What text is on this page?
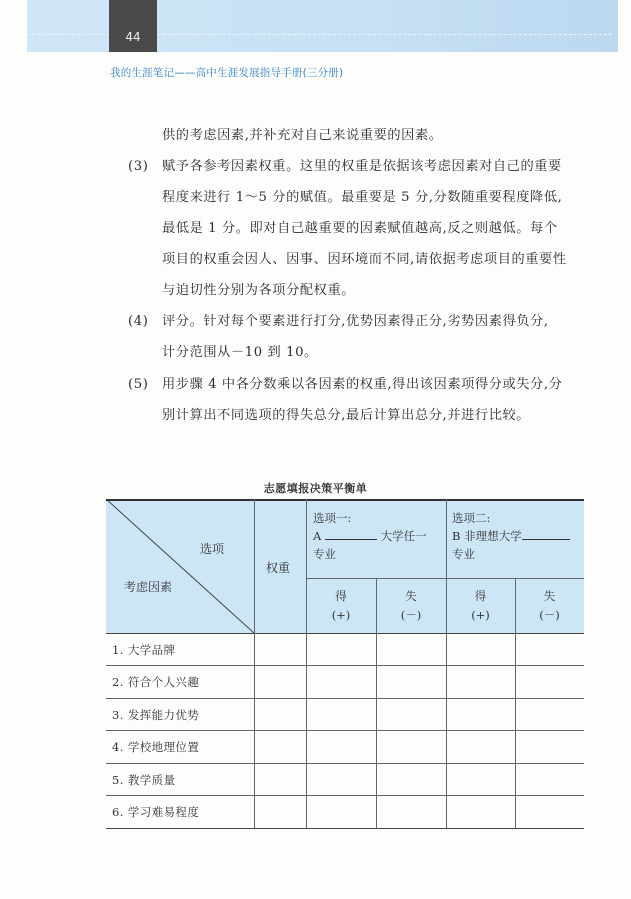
44
我的生涯笔记——高中生涯发展指导手册(三分册)
供的考虑因素,并补充对自己来说重要的因素。
(3) 赋予各参考因素权重。这里的权重是依据该考虑因素对自己的重要
程度来进行 1～5 分的赋值。最重要是 5 分,分数随重要程度降低,
最低是 1 分。即对自己越重要的因素赋值越高,反之则越低。每个
项目的权重会因人、因事、因环境而不同,请依据考虑项目的重要性
与迫切性分别为各项分配权重。
(4) 评分。针对每个要素进行打分,优势因素得正分,劣势因素得负分,
计分范围从－10 到 10。
(5) 用步骤 4 中各分数乘以各因素的权重,得出该因素项得分或失分,分
别计算出不同选项的得失总分,最后计算出总分,并进行比较。
志愿填报决策平衡单
选项
考虑因素
权重
选项一:
A	大学任一
专业
选项二:
B 非理想大学
专业
得
(+)
失
(－)
得
(+)
失
(－)
1. 大学品牌
2. 符合个人兴趣
3. 发挥能力优势
4. 学校地理位置
5. 教学质量
6. 学习难易程度
